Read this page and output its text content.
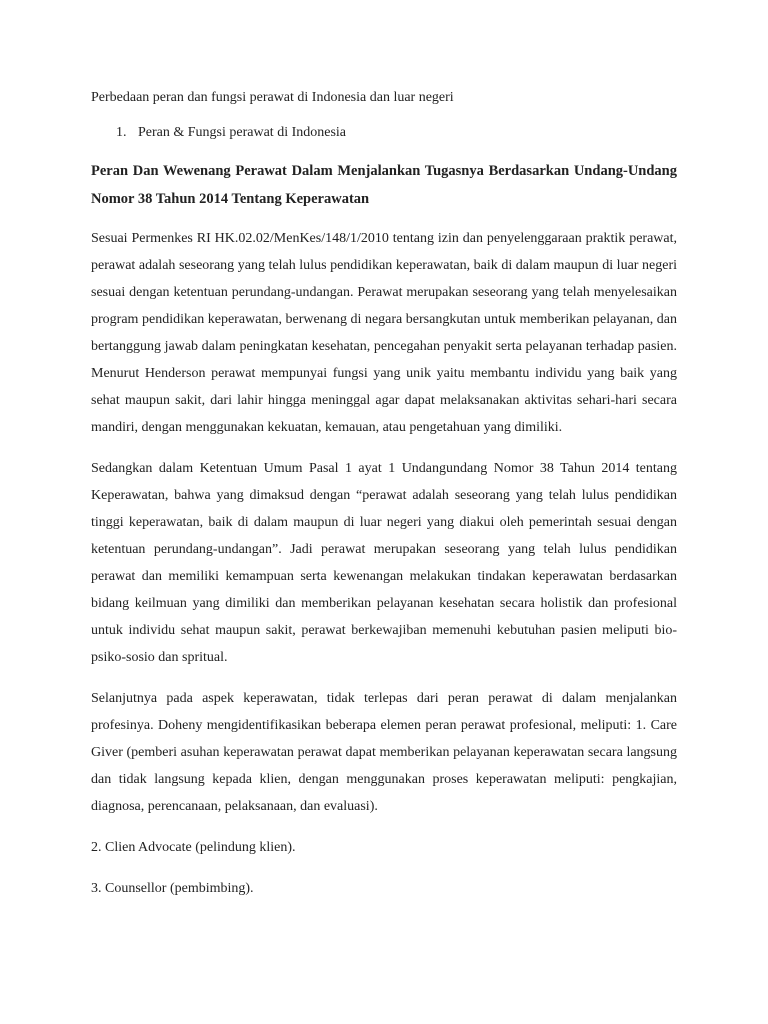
Perbedaan peran dan fungsi perawat di Indonesia dan luar negeri

1. Peran & Fungsi perawat di Indonesia

Peran Dan Wewenang Perawat Dalam Menjalankan Tugasnya Berdasarkan Undang-Undang Nomor 38 Tahun 2014 Tentang Keperawatan

Sesuai Permenkes RI HK.02.02/MenKes/148/1/2010 tentang izin dan penyelenggaraan praktik perawat, perawat adalah seseorang yang telah lulus pendidikan keperawatan, baik di dalam maupun di luar negeri sesuai dengan ketentuan perundang-undangan. Perawat merupakan seseorang yang telah menyelesaikan program pendidikan keperawatan, berwenang di negara bersangkutan untuk memberikan pelayanan, dan bertanggung jawab dalam peningkatan kesehatan, pencegahan penyakit serta pelayanan terhadap pasien. Menurut Henderson perawat mempunyai fungsi yang unik yaitu membantu individu yang baik yang sehat maupun sakit, dari lahir hingga meninggal agar dapat melaksanakan aktivitas sehari-hari secara mandiri, dengan menggunakan kekuatan, kemauan, atau pengetahuan yang dimiliki.

Sedangkan dalam Ketentuan Umum Pasal 1 ayat 1 Undangundang Nomor 38 Tahun 2014 tentang Keperawatan, bahwa yang dimaksud dengan “perawat adalah seseorang yang telah lulus pendidikan tinggi keperawatan, baik di dalam maupun di luar negeri yang diakui oleh pemerintah sesuai dengan ketentuan perundang-undangan”. Jadi perawat merupakan seseorang yang telah lulus pendidikan perawat dan memiliki kemampuan serta kewenangan melakukan tindakan keperawatan berdasarkan bidang keilmuan yang dimiliki dan memberikan pelayanan kesehatan secara holistik dan profesional untuk individu sehat maupun sakit, perawat berkewajiban memenuhi kebutuhan pasien meliputi bio-psiko-sosio dan spritual.

Selanjutnya pada aspek keperawatan, tidak terlepas dari peran perawat di dalam menjalankan profesinya. Doheny mengidentifikasikan beberapa elemen peran perawat profesional, meliputi: 1. Care Giver (pemberi asuhan keperawatan perawat dapat memberikan pelayanan keperawatan secara langsung dan tidak langsung kepada klien, dengan menggunakan proses keperawatan meliputi: pengkajian, diagnosa, perencanaan, pelaksanaan, dan evaluasi).

2. Clien Advocate (pelindung klien).

3. Counsellor (pembimbing).
